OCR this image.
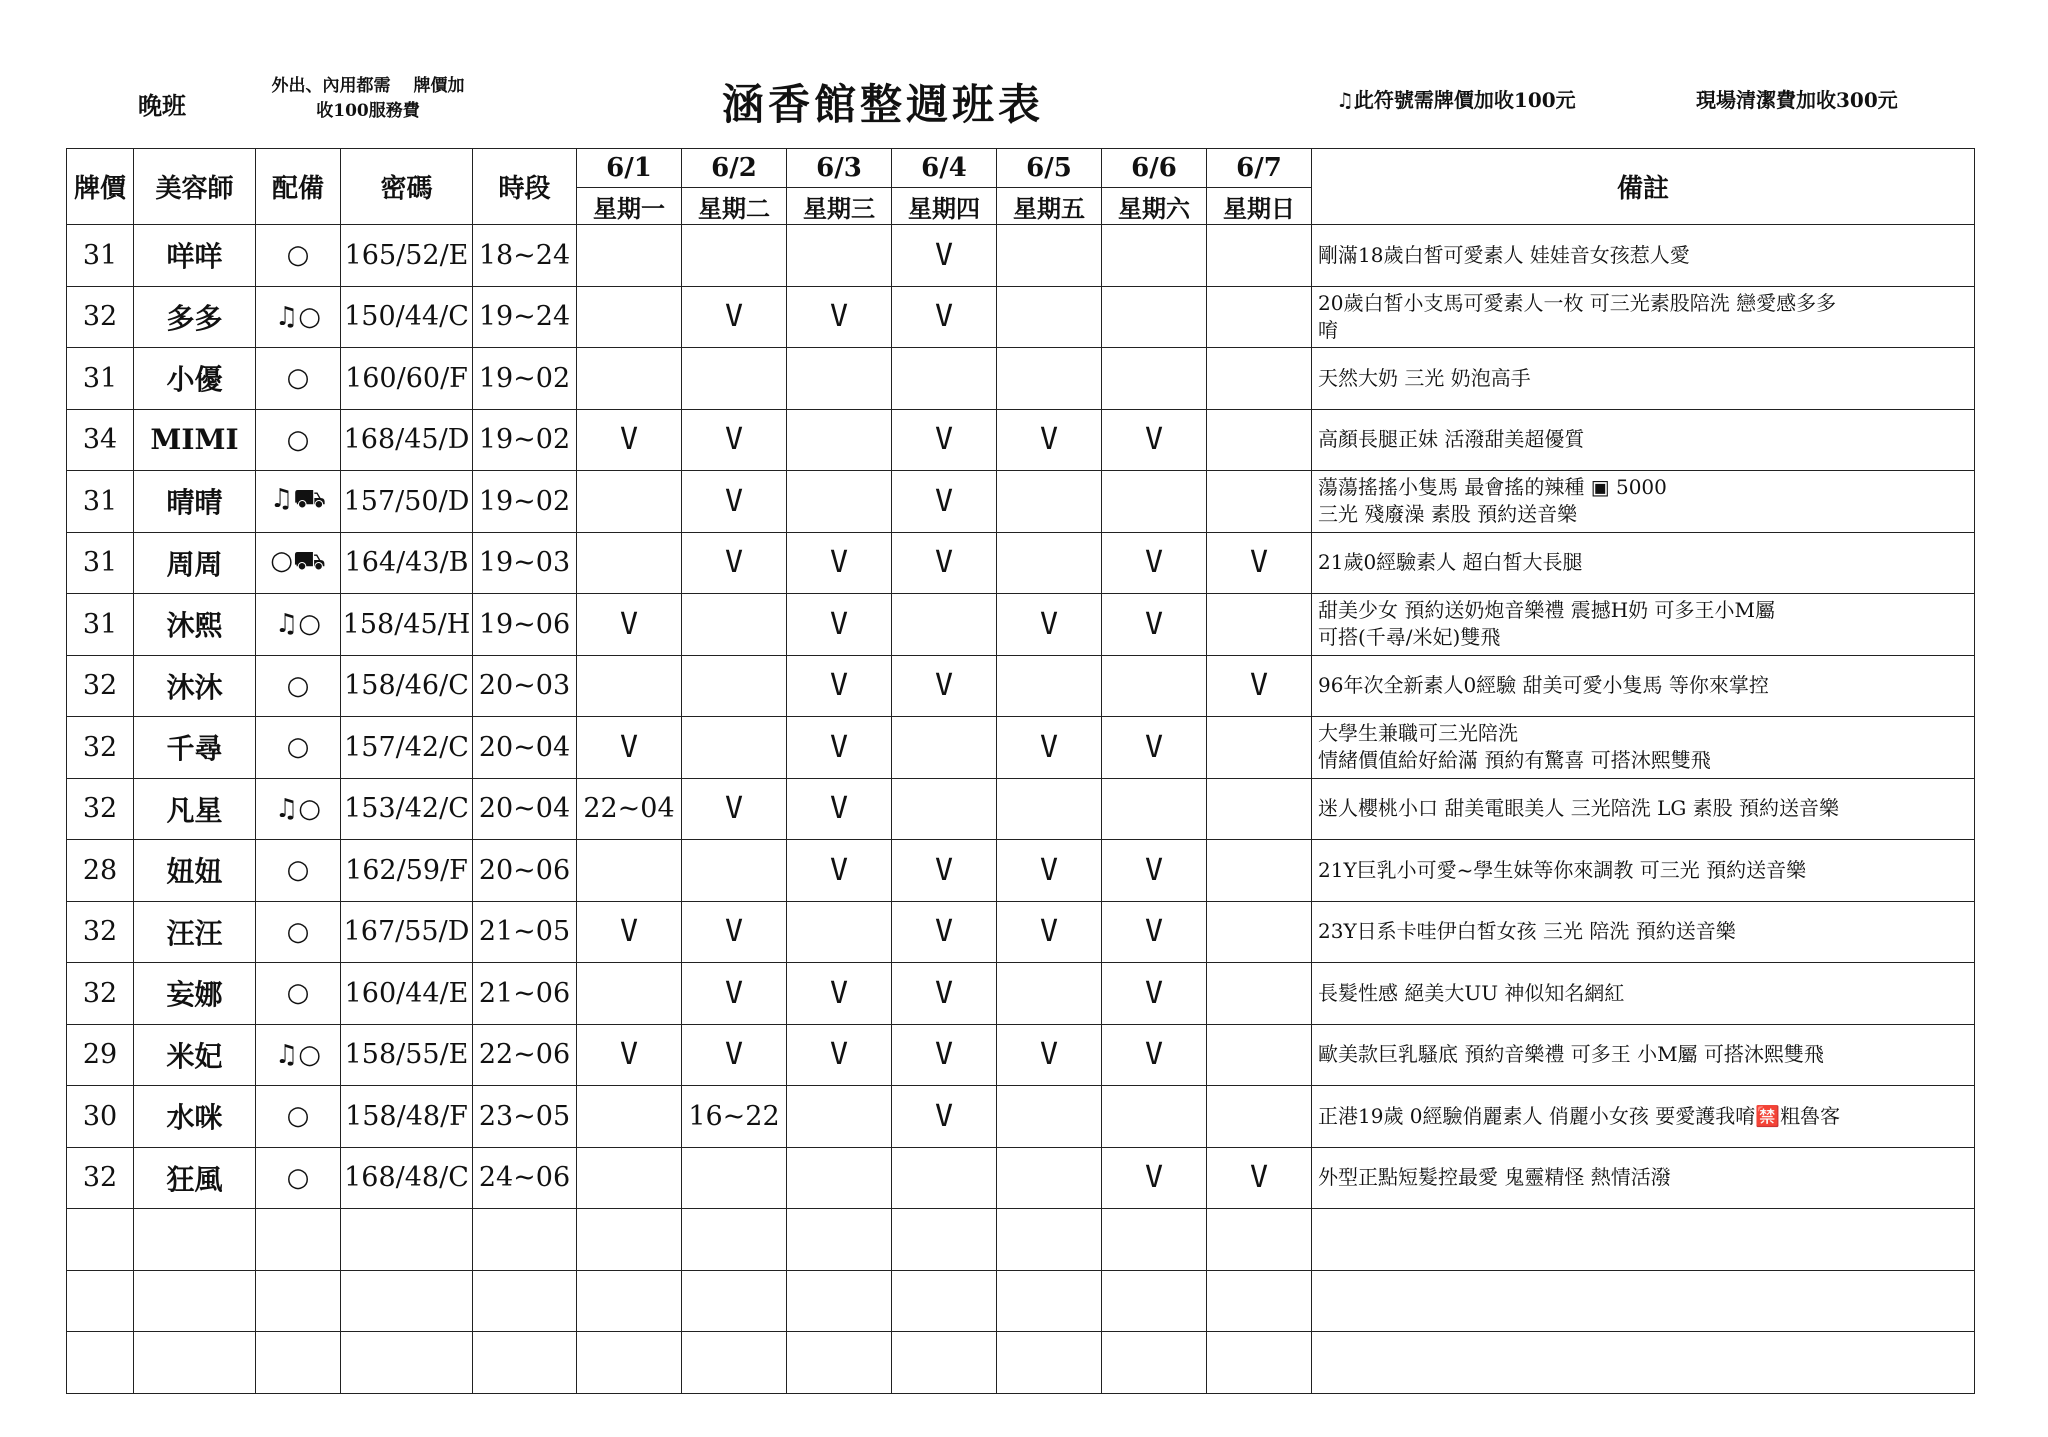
晚班
外出、內用都需　 牌價加收100服務費	涵香館整週班表	♫此符號需牌價加收100元	現場清潔費加收300元
牌價	美容師	配備	密碼	時段	6/1	6/2	6/3	6/4	6/5	6/6	6/7	備註
					星期一	星期二	星期三	星期四	星期五	星期六	星期日	
31	咩咩	○	165/52/E	18~24				V				剛滿18歲白皙可愛素人 娃娃音女孩惹人愛

32	多多	♫○	150/44/C	19~24		V	V	V				20歲白皙小支馬可愛素人一枚 可三光素股陪洗 戀愛感多多
唷

31	小優	○	160/60/F	19~02								天然大奶 三光 奶泡高手

34	MIMI	○	168/45/D	19~02	V	V		V	V	V		高顏長腿正妹 活潑甜美超優質

31	晴晴	♫⛟	157/50/D	19~02		V		V				蕩蕩搖搖小隻馬 最會搖的辣種 ▣ 5000
三光 殘廢澡 素股 預約送音樂

31	周周	○⛟	164/43/B	19~03		V	V	V		V	V	21歲0經驗素人 超白皙大長腿

31	沐熙	♫○	158/45/H	19~06	V		V		V	V		甜美少女 預約送奶炮音樂禮 震撼H奶 可多王小M屬
可搭(千尋/米妃)雙飛

32	沐沐	○	158/46/C	20~03			V	V			V	96年次全新素人0經驗 甜美可愛小隻馬 等你來掌控

32	千尋	○	157/42/C	20~04	V		V		V	V		大學生兼職可三光陪洗
情緒價值給好給滿 預約有驚喜 可搭沐熙雙飛

32	凡星	♫○	153/42/C	20~04	22~04	V	V					迷人櫻桃小口 甜美電眼美人 三光陪洗 LG 素股 預約送音樂

28	妞妞	○	162/59/F	20~06			V	V	V	V		21Y巨乳小可愛~學生妹等你來調教 可三光 預約送音樂

32	汪汪	○	167/55/D	21~05	V	V		V	V	V		23Y日系卡哇伊白皙女孩 三光 陪洗 預約送音樂

32	妄娜	○	160/44/E	21~06		V	V	V		V		長髮性感 絕美大UU 神似知名網紅

29	米妃	♫○	158/55/E	22~06	V	V	V	V	V	V		歐美款巨乳騷底 預約音樂禮 可多王 小M屬 可搭沐熙雙飛

30	水咪	○	158/48/F	23~05		16~22		V				正港19歲 0經驗俏麗素人 俏麗小女孩 要愛護我唷🈲粗魯客

32	狂風	○	168/48/C	24~06						V	V	外型正點短髮控最愛 鬼靈精怪 熱情活潑
